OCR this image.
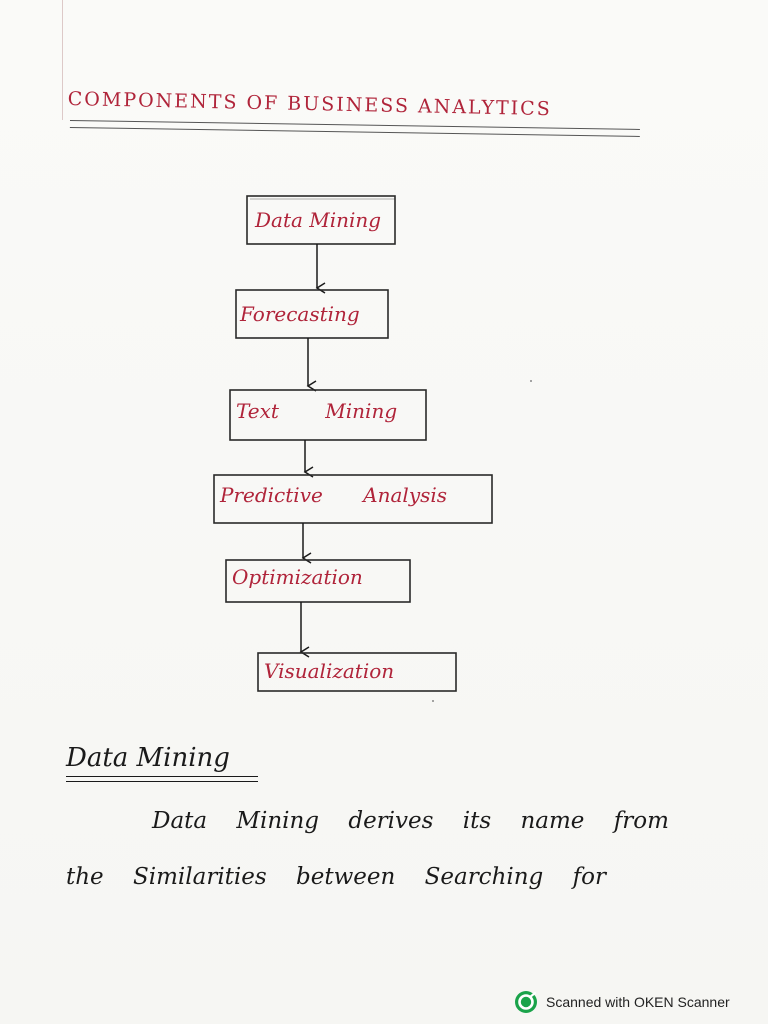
COMPONENTS OF BUSINESS ANALYTICS
Data Mining
Forecasting
Text Mining
Predictive Analysis
Optimization
Visualization
Data Mining
Data Mining derives its name from
the Similarities between Searching for
Scanned with OKEN Scanner
